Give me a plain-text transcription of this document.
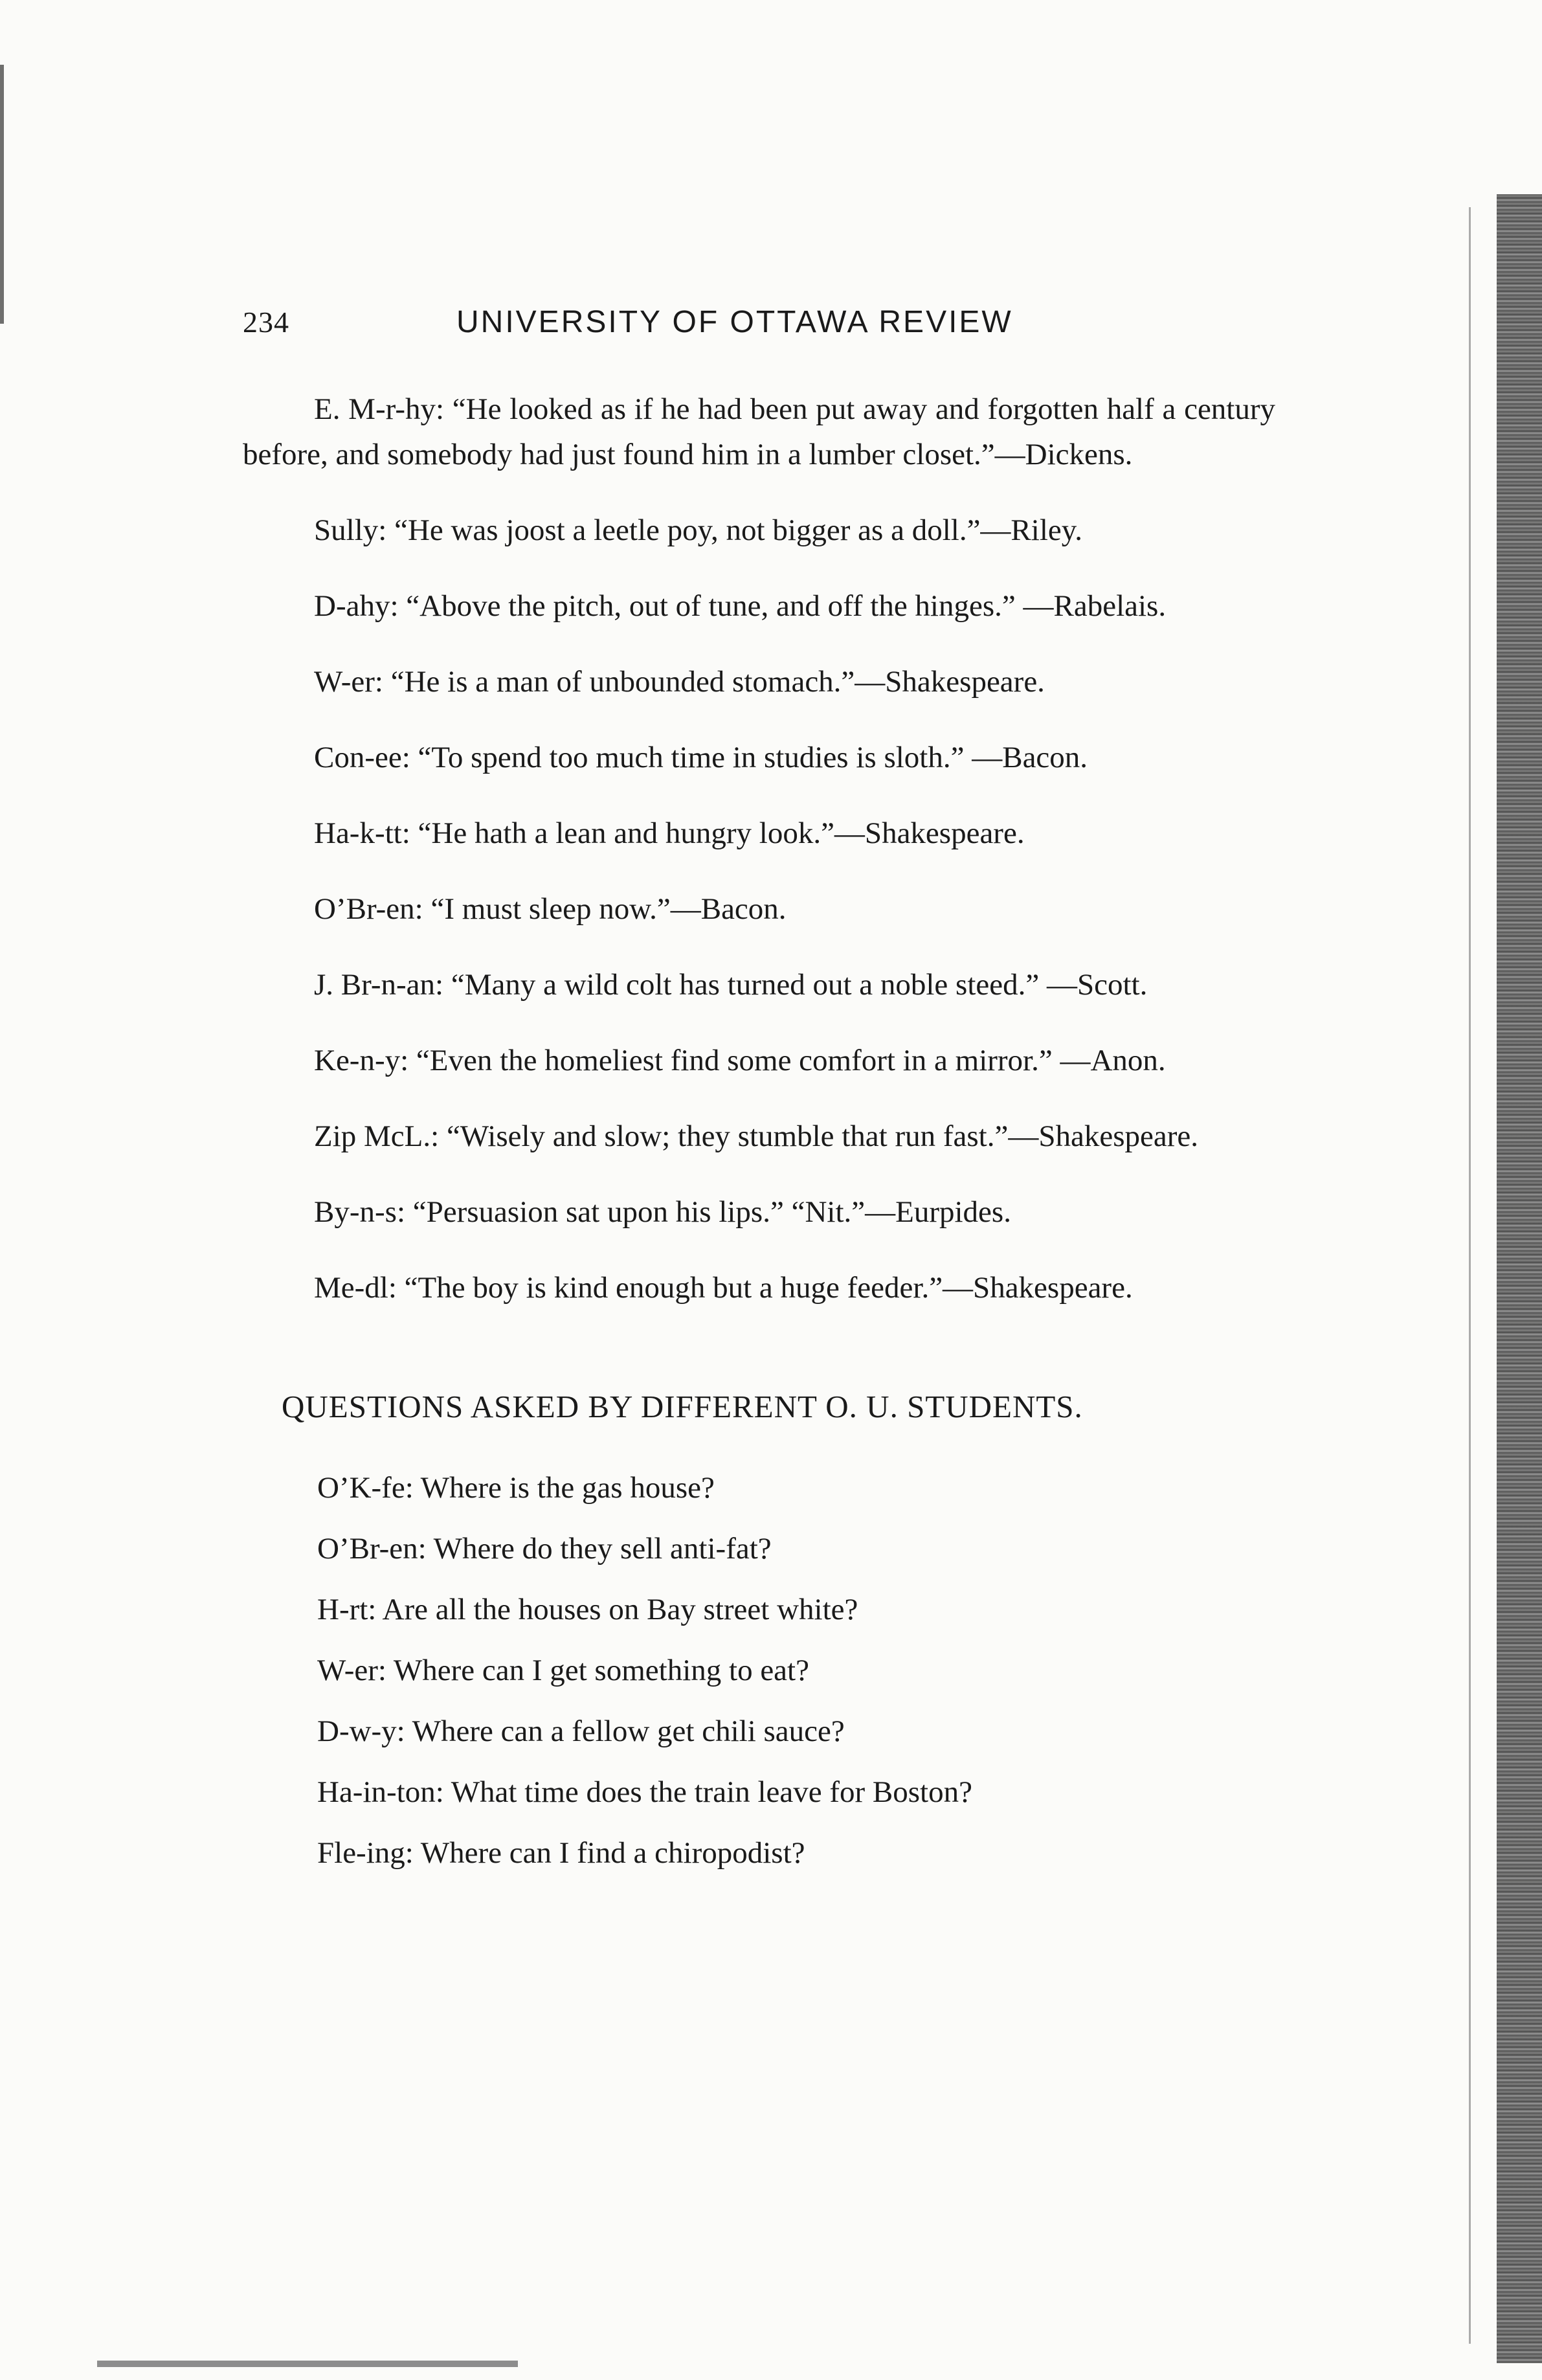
234	UNIVERSITY OF OTTAWA REVIEW

E. M-r-hy: “He looked as if he had been put away and forgotten half a century before, and somebody had just found him in a lumber closet.”—Dickens.

Sully: “He was joost a leetle poy, not bigger as a doll.”—Riley.

D-ahy: “Above the pitch, out of tune, and off the hinges.” —Rabelais.

W-er: “He is a man of unbounded stomach.”—Shakespeare.

Con-ee: “To spend too much time in studies is sloth.” —Bacon.

Ha-k-tt: “He hath a lean and hungry look.”—Shakespeare.

O’Br-en: “I must sleep now.”—Bacon.

J. Br-n-an: “Many a wild colt has turned out a noble steed.” —Scott.

Ke-n-y: “Even the homeliest find some comfort in a mirror.” —Anon.

Zip McL.: “Wisely and slow; they stumble that run fast.”—Shakespeare.

By-n-s: “Persuasion sat upon his lips.” “Nit.”—Eurpides.

Me-dl: “The boy is kind enough but a huge feeder.”—Shakespeare.

QUESTIONS ASKED BY DIFFERENT O. U. STUDENTS.
O’K-fe: Where is the gas house?
O’Br-en: Where do they sell anti-fat?
H-rt: Are all the houses on Bay street white?
W-er: Where can I get something to eat?
D-w-y: Where can a fellow get chili sauce?
Ha-in-ton: What time does the train leave for Boston?
Fle-ing: Where can I find a chiropodist?
